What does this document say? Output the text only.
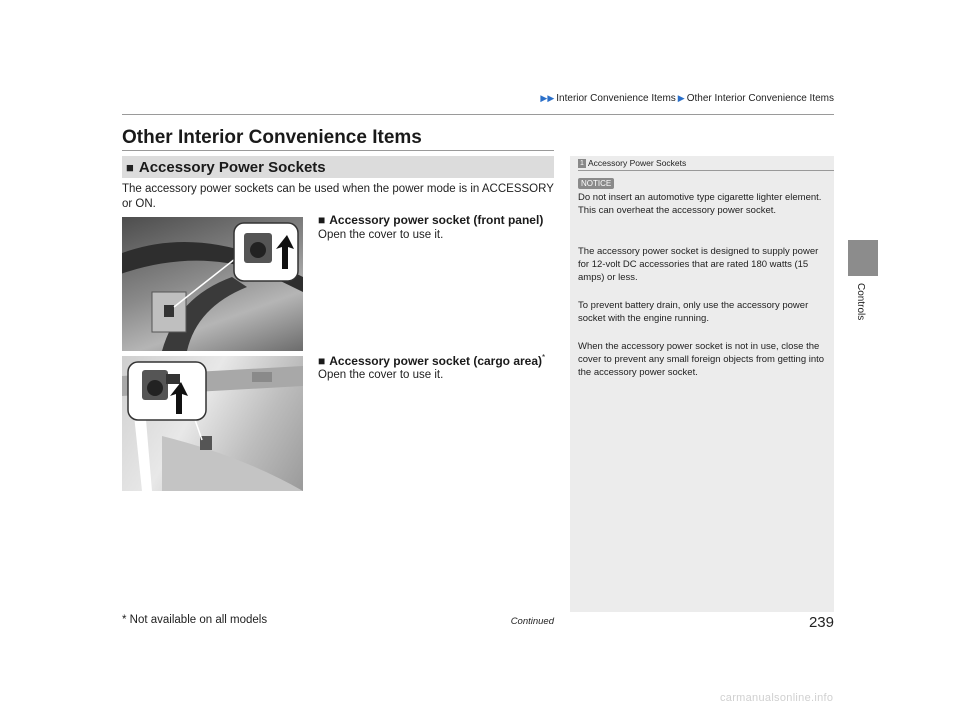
▶▶ Interior Convenience Items ▶ Other Interior Convenience Items
Other Interior Convenience Items
■ Accessory Power Sockets
The accessory power sockets can be used when the power mode is in ACCESSORY or ON.
■ Accessory power socket (front panel)
Open the cover to use it.
■ Accessory power socket (cargo area)*
Open the cover to use it.
1 Accessory Power Sockets
NOTICE
Do not insert an automotive type cigarette lighter element. This can overheat the accessory power socket.
The accessory power socket is designed to supply power for 12-volt DC accessories that are rated 180 watts (15 amps) or less.
To prevent battery drain, only use the accessory power socket with the engine running.
When the accessory power socket is not in use, close the cover to prevent any small foreign objects from getting into the accessory power socket.
Controls
* Not available on all models	Continued	239
carmanualsonline.info
